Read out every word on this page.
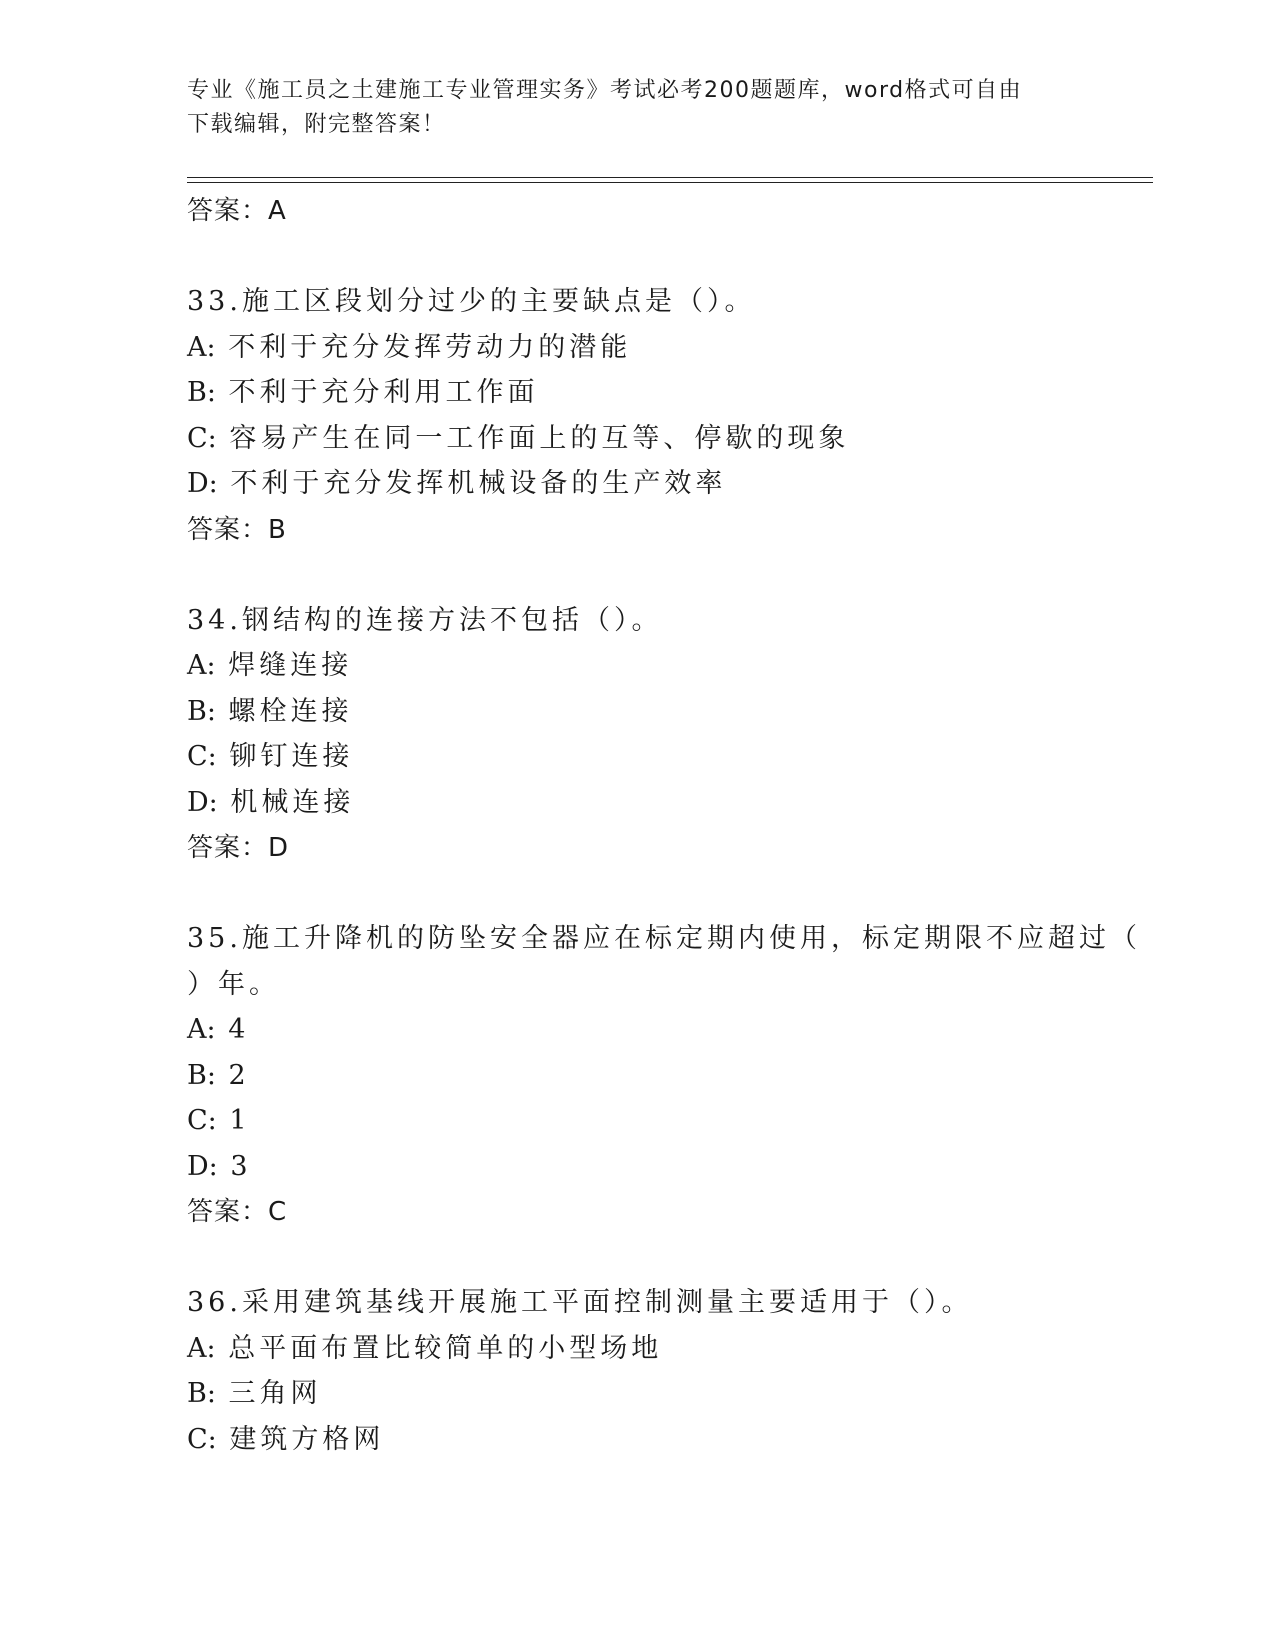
专业《施工员之土建施工专业管理实务》考试必考200题题库，word格式可自由
下载编辑，附完整答案！
答案：A
33.施工区段划分过少的主要缺点是（）。
A: 不利于充分发挥劳动力的潜能
B: 不利于充分利用工作面
C: 容易产生在同一工作面上的互等、停歇的现象
D: 不利于充分发挥机械设备的生产效率
答案：B
34.钢结构的连接方法不包括（）。
A: 焊缝连接
B: 螺栓连接
C: 铆钉连接
D: 机械连接
答案：D
35.施工升降机的防坠安全器应在标定期内使用，标定期限不应超过（
）年。
A: 4
B: 2
C: 1
D: 3
答案：C
36.采用建筑基线开展施工平面控制测量主要适用于（）。
A: 总平面布置比较简单的小型场地
B: 三角网
C: 建筑方格网
